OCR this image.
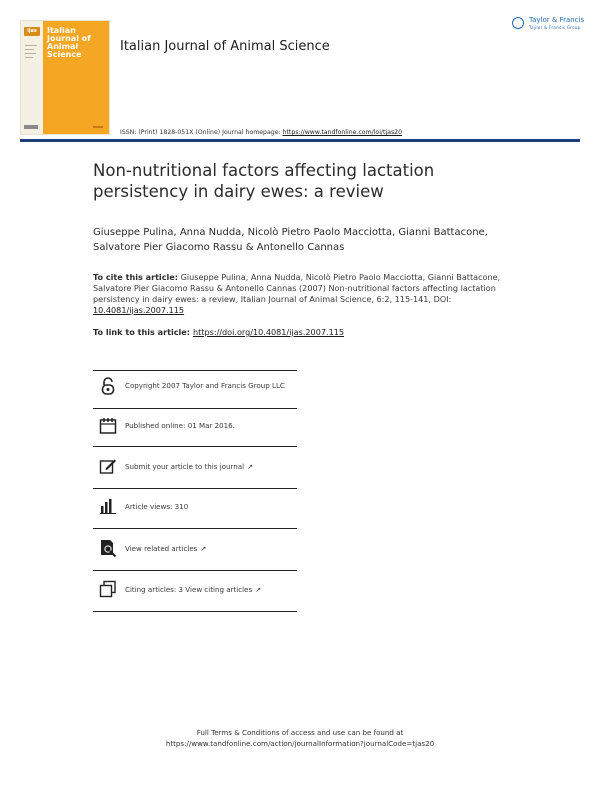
ijas	Italian Journal of Animal Science
Italian Journal of Animal Science
Taylor & Francis
Taylor & Francis Group
ISSN: (Print) 1828-051X (Online) Journal homepage: https://www.tandfonline.com/loi/tjas20
Non-nutritional factors affecting lactation persistency in dairy ewes: a review
Giuseppe Pulina, Anna Nudda, Nicolò Pietro Paolo Macciotta, Gianni Battacone, Salvatore Pier Giacomo Rassu & Antonello Cannas
To cite this article: Giuseppe Pulina, Anna Nudda, Nicolò Pietro Paolo Macciotta, Gianni Battacone, Salvatore Pier Giacomo Rassu & Antonello Cannas (2007) Non-nutritional factors affecting lactation persistency in dairy ewes: a review, Italian Journal of Animal Science, 6:2, 115-141, DOI: 10.4081/ijas.2007.115
To link to this article: https://doi.org/10.4081/ijas.2007.115
Copyright 2007 Taylor and Francis Group LLC
Published online: 01 Mar 2016.
Submit your article to this journal ↗
Article views: 310
View related articles ↗
Citing articles: 3 View citing articles ↗
Full Terms & Conditions of access and use can be found at
https://www.tandfonline.com/action/journalInformation?journalCode=tjas20
